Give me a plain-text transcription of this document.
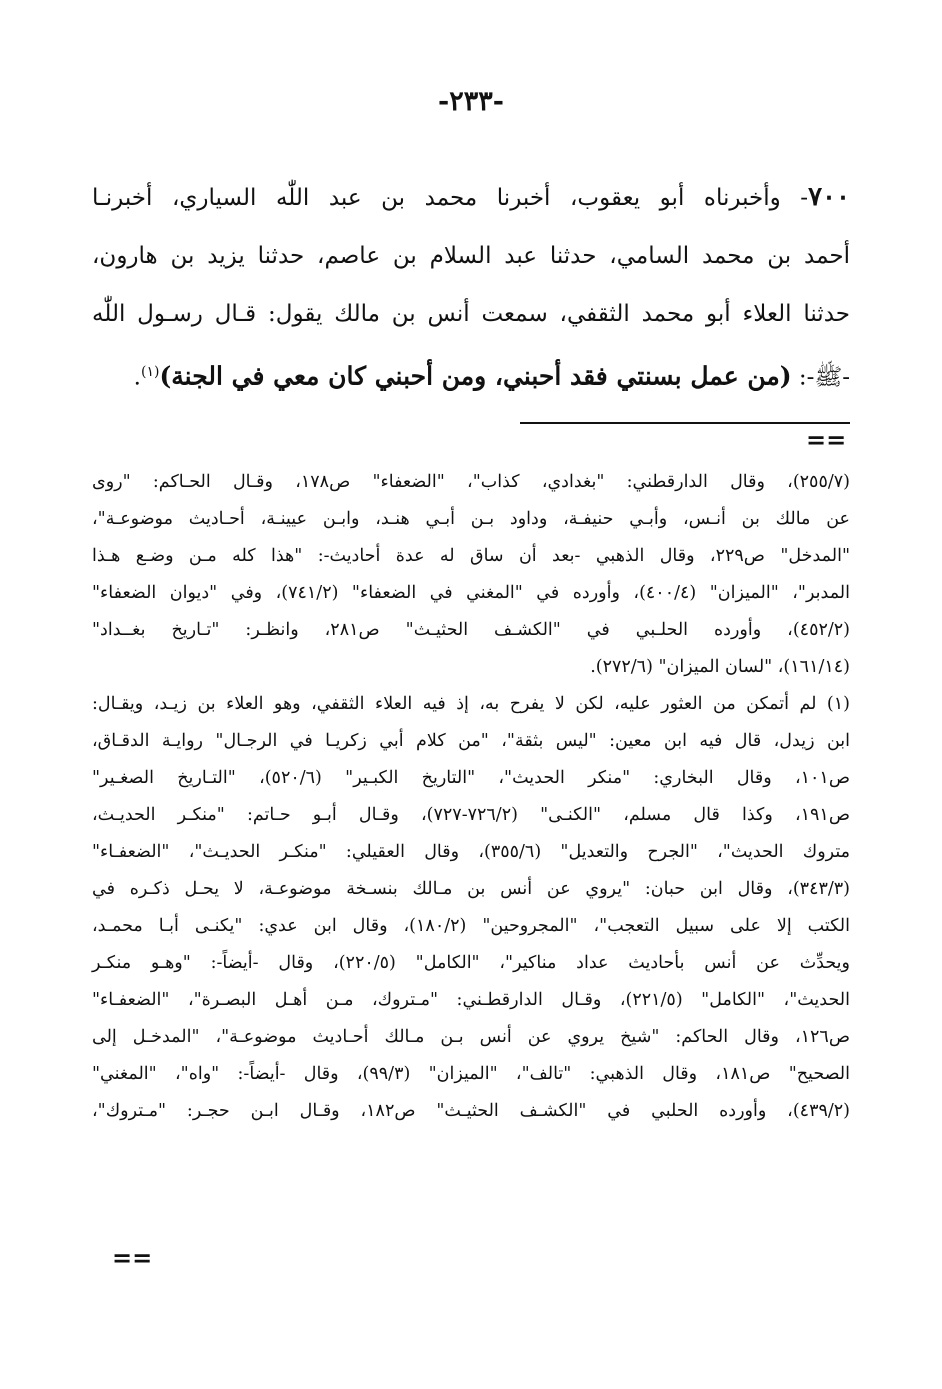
-٢٣٣-
٧٠٠- وأخبرناه أبو يعقوب، أخبرنا محمد بن عبد اللّٰه السياري، أخبرنـا
أحمد بن محمد السامي، حدثنا عبد السلام بن عاصم، حدثنا يزيد بن هارون،
حدثنا العلاء أبو محمد الثقفي، سمعت أنس بن مالك يقول: قـال رسـول اللّٰه
-ﷺ-: (من عمل بسنتي فقد أحبني، ومن أحبني كان معي في الجنة)$^{(١)}$.
==
(٢٥٥/٧)، وقال الدارقطني: "بغدادي، كذاب"، "الضعفاء" ص١٧٨، وقـال الحـاكم: "روى
عن مالك بن أنـس، وأبـي حنيفـة، وداود بـن أبـي هنـد، وابـن عيينـة، أحـاديث موضوعـة"،
"المدخل" ص٢٢٩، وقال الذهبي -بعد أن ساق له عدة أحاديث-: "هذا كله مـن وضـع هـذا
المدبر"، "الميزان" (٤٠٠/٤)، وأورده في "المغني في الضعفاء" (٧٤١/٢)، وفي "ديوان الضعفاء"
(٤٥٢/٢)، وأورده الحلـبي في "الكشـف الحثيـث" ص٢٨١، وانظـر: "تـاريخ بغــداد"
(١٦١/١٤)، "لسان الميزان" (٢٧٢/٦).
(١) لم أتمكن من العثور عليه، لكن لا يفرح به، إذ فيه العلاء الثقفي، وهو العلاء بن زيـد، ويقـال:
ابن زيدل، قال فيه ابن معين: "ليس بثقة"، "من كلام أبي زكريـا في الرجـال" روايـة الدقـاق،
ص١٠١، وقال البخاري: "منكر الحديث"، "التاريخ الكبـير" (٥٢٠/٦)، "التـاريخ الصغـير"
ص١٩١، وكذا قال مسلم، "الكنـى" (٧٢٦/٢-٧٢٧)، وقـال أبـو حـاتم: "منكـر الحديـث،
متروك الحديث"، "الجرح والتعديل" (٣٥٥/٦)، وقال العقيلي: "منكـر الحديـث"، "الضعفـاء"
(٣٤٣/٣)، وقال ابن حبان: "يروي عن أنس بن مـالك بنسـخة موضوعـة، لا يحـل ذكـره في
الكتب إلا على سبيل التعجب"، "المجروحين" (١٨٠/٢)، وقال ابن عدي: "يكنـى أبـا محمـد،
ويحدِّث عن أنس بأحاديث عداد مناكير"، "الكامل" (٢٢٠/٥)، وقال -أيضاً-: "وهـو منكـر
الحديث"، "الكامل" (٢٢١/٥)، وقـال الدارقطـني: "مـتروك، مـن أهـل البصـرة"، "الضعفـاء"
ص١٢٦، وقال الحاكم: "شيخ يروي عن أنس بـن مـالك أحـاديث موضوعـة"، "المدخـل إلى
الصحيح" ص١٨١، وقال الذهبي: "تالف"، "الميزان" (٩٩/٣)، وقال -أيضاً-: "واه"، "المغني"
(٤٣٩/٢)، وأورده الحلبي في "الكشـف الحثيـث" ص١٨٢، وقـال ابـن حجـر: "مـتروك"،
==
